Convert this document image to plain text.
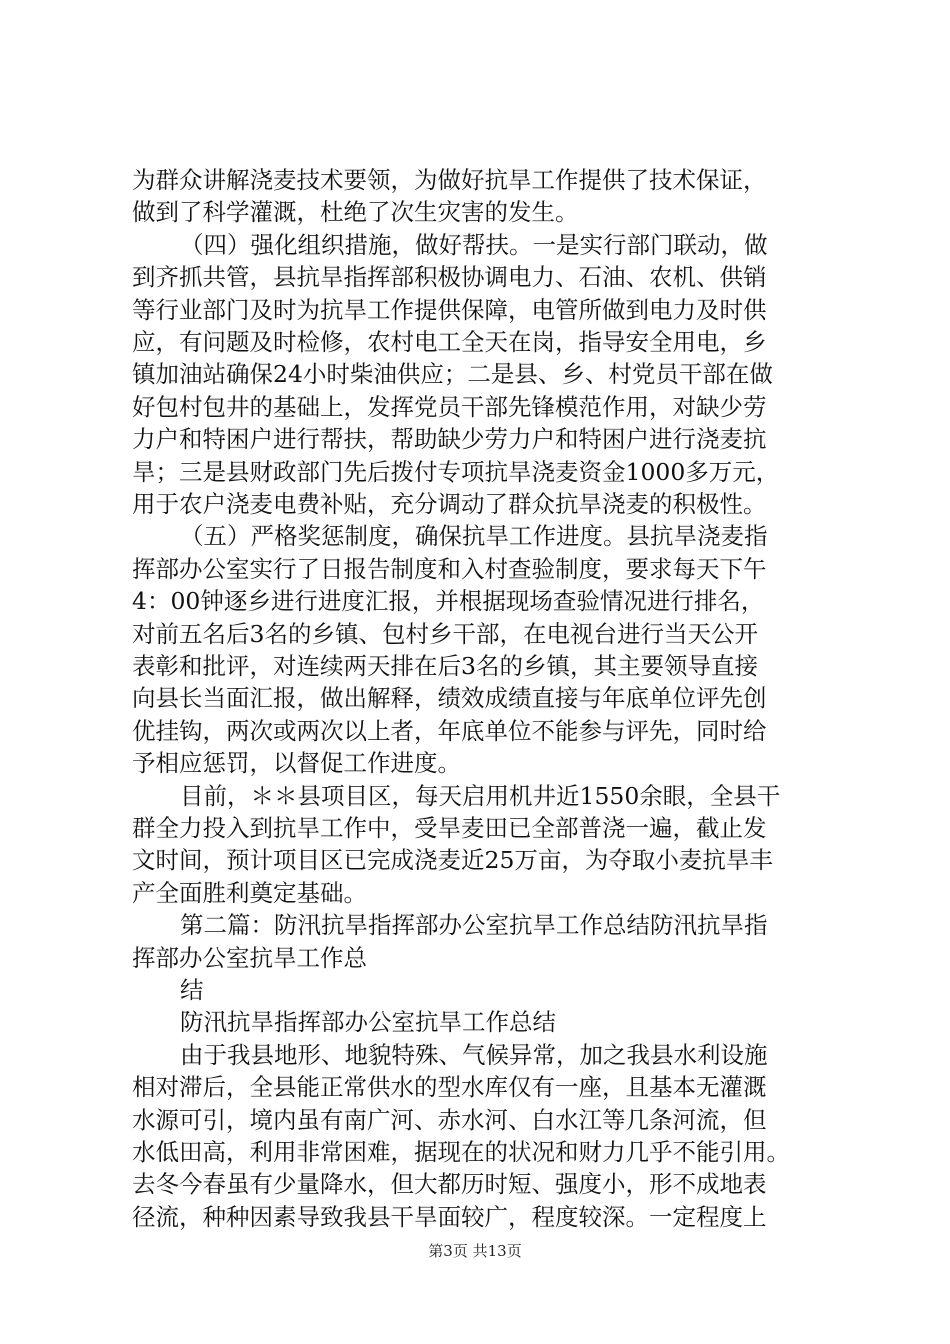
为群众讲解浇麦技术要领，为做好抗旱工作提供了技术保证，
做到了科学灌溉，杜绝了次生灾害的发生。
（四）强化组织措施，做好帮扶。一是实行部门联动，做
到齐抓共管，县抗旱指挥部积极协调电力、石油、农机、供销
等行业部门及时为抗旱工作提供保障，电管所做到电力及时供
应，有问题及时检修，农村电工全天在岗，指导安全用电，乡
镇加油站确保24小时柴油供应；二是县、乡、村党员干部在做
好包村包井的基础上，发挥党员干部先锋模范作用，对缺少劳
力户和特困户进行帮扶，帮助缺少劳力户和特困户进行浇麦抗
旱；三是县财政部门先后拨付专项抗旱浇麦资金1000多万元，
用于农户浇麦电费补贴，充分调动了群众抗旱浇麦的积极性。
（五）严格奖惩制度，确保抗旱工作进度。县抗旱浇麦指
挥部办公室实行了日报告制度和入村查验制度，要求每天下午
4：00钟逐乡进行进度汇报，并根据现场查验情况进行排名，
对前五名后3名的乡镇、包村乡干部，在电视台进行当天公开
表彰和批评，对连续两天排在后3名的乡镇，其主要领导直接
向县长当面汇报，做出解释，绩效成绩直接与年底单位评先创
优挂钩，两次或两次以上者，年底单位不能参与评先，同时给
予相应惩罚，以督促工作进度。
目前，＊＊县项目区，每天启用机井近1550余眼，全县干
群全力投入到抗旱工作中，受旱麦田已全部普浇一遍，截止发
文时间，预计项目区已完成浇麦近25万亩，为夺取小麦抗旱丰
产全面胜利奠定基础。
第二篇：防汛抗旱指挥部办公室抗旱工作总结防汛抗旱指
挥部办公室抗旱工作总
结
防汛抗旱指挥部办公室抗旱工作总结
由于我县地形、地貌特殊、气候异常，加之我县水利设施
相对滞后，全县能正常供水的型水库仅有一座，且基本无灌溉
水源可引，境内虽有南广河、赤水河、白水江等几条河流，但
水低田高，利用非常困难，据现在的状况和财力几乎不能引用。
去冬今春虽有少量降水，但大都历时短、强度小，形不成地表
径流，种种因素导致我县干旱面较广，程度较深。一定程度上
第3页 共13页
